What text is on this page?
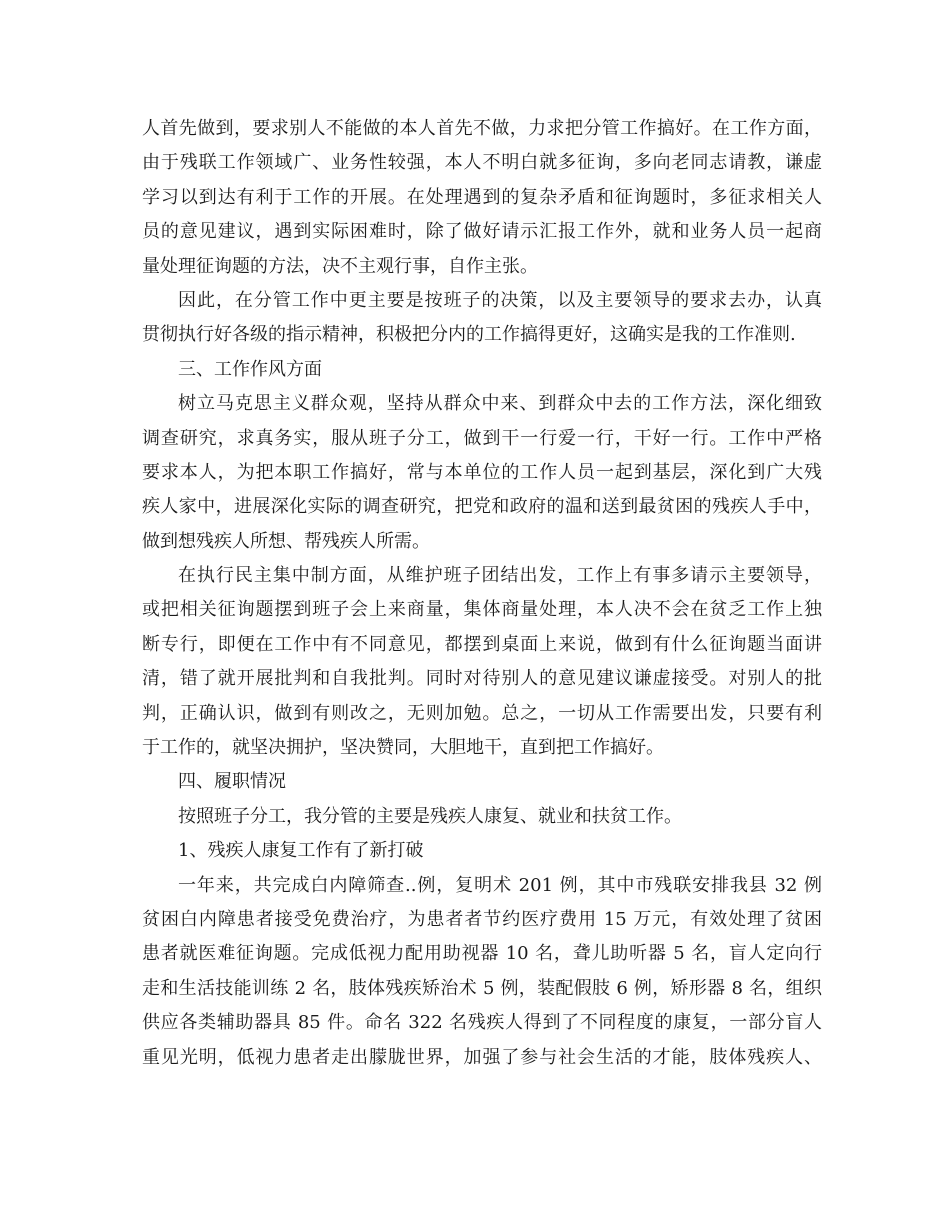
人首先做到，要求别人不能做的本人首先不做，力求把分管工作搞好。在工作方面，
由于残联工作领域广、业务性较强，本人不明白就多征询，多向老同志请教，谦虚
学习以到达有利于工作的开展。在处理遇到的复杂矛盾和征询题时，多征求相关人
员的意见建议，遇到实际困难时，除了做好请示汇报工作外，就和业务人员一起商
量处理征询题的方法，决不主观行事，自作主张。
因此，在分管工作中更主要是按班子的决策，以及主要领导的要求去办，认真
贯彻执行好各级的指示精神，积极把分内的工作搞得更好，这确实是我的工作准则.
三、工作作风方面
树立马克思主义群众观，坚持从群众中来、到群众中去的工作方法，深化细致
调查研究，求真务实，服从班子分工，做到干一行爱一行，干好一行。工作中严格
要求本人，为把本职工作搞好，常与本单位的工作人员一起到基层，深化到广大残
疾人家中，进展深化实际的调查研究，把党和政府的温和送到最贫困的残疾人手中，
做到想残疾人所想、帮残疾人所需。
在执行民主集中制方面，从维护班子团结出发，工作上有事多请示主要领导，
或把相关征询题摆到班子会上来商量，集体商量处理，本人决不会在贫乏工作上独
断专行，即便在工作中有不同意见，都摆到桌面上来说，做到有什么征询题当面讲
清，错了就开展批判和自我批判。同时对待别人的意见建议谦虚接受。对别人的批
判，正确认识，做到有则改之，无则加勉。总之，一切从工作需要出发，只要有利
于工作的，就坚决拥护，坚决赞同，大胆地干，直到把工作搞好。
四、履职情况
按照班子分工，我分管的主要是残疾人康复、就业和扶贫工作。
1、残疾人康复工作有了新打破
一年来，共完成白内障筛查..例，复明术 201 例，其中市残联安排我县 32 例
贫困白内障患者接受免费治疗，为患者者节约医疗费用 15 万元，有效处理了贫困
患者就医难征询题。完成低视力配用助视器 10 名，聋儿助听器 5 名，盲人定向行
走和生活技能训练 2 名，肢体残疾矫治术 5 例，装配假肢 6 例，矫形器 8 名，组织
供应各类辅助器具 85 件。命名 322 名残疾人得到了不同程度的康复，一部分盲人
重见光明，低视力患者走出朦胧世界，加强了参与社会生活的才能，肢体残疾人、
